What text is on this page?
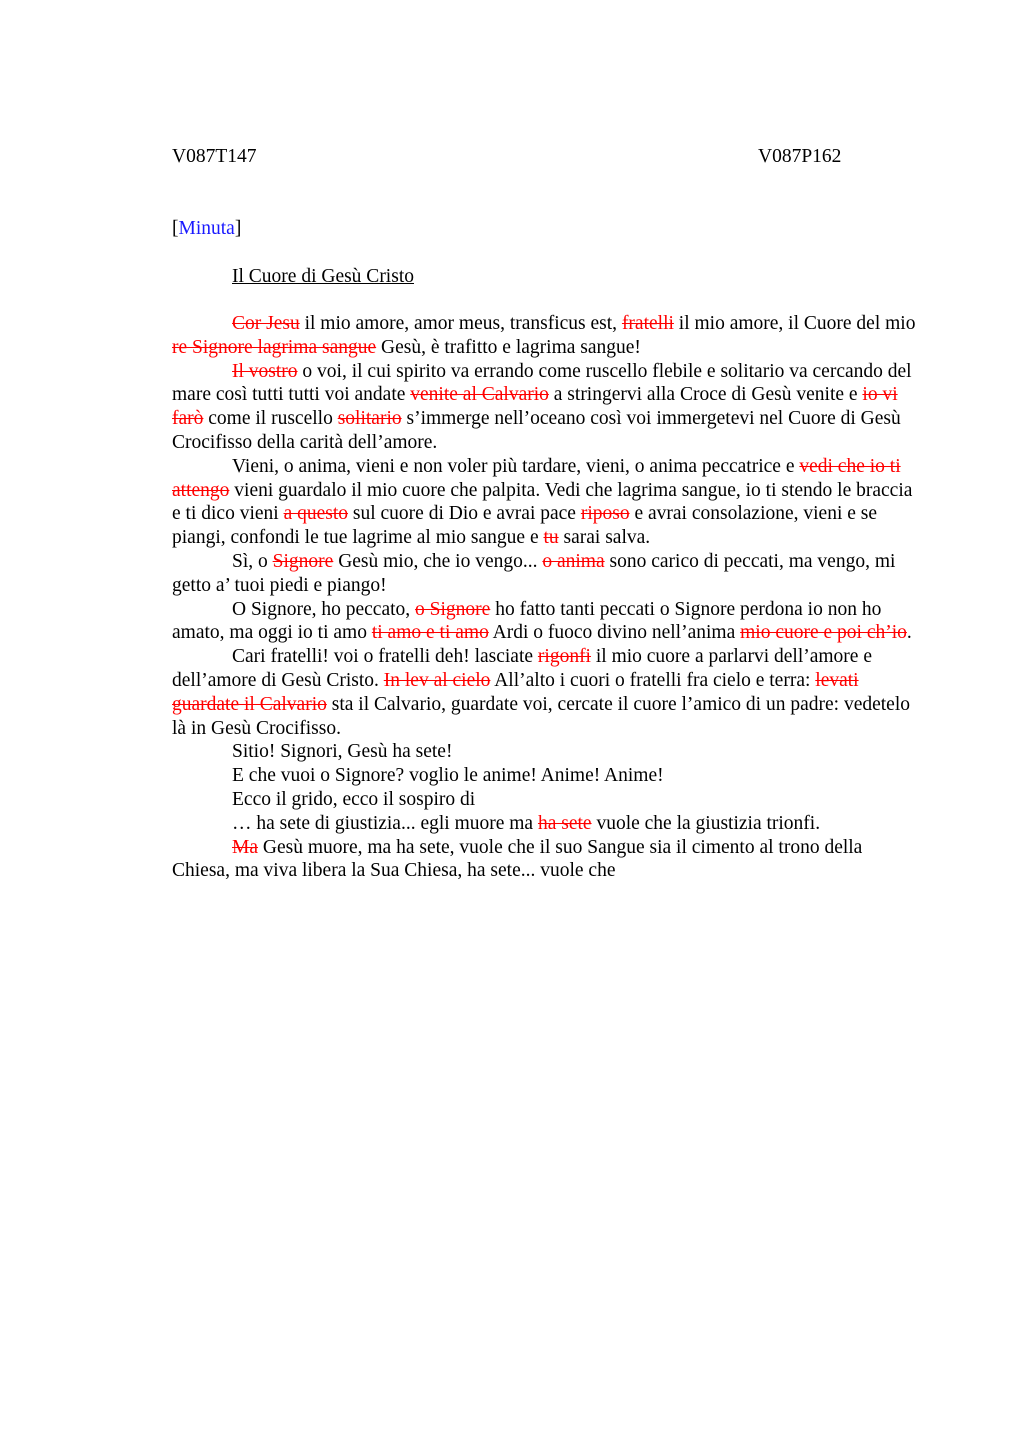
V087T147	V087P162
[Minuta]
Il Cuore di Gesù Cristo

Cor Jesu il mio amore, amor meus, transficus est, fratelli il mio amore, il Cuore del mio re Signore lagrima sangue Gesù, è trafitto e lagrima sangue!

Il vostro o voi, il cui spirito va errando come ruscello flebile e solitario va cercando del mare così tutti tutti voi andate venite al Calvario a stringervi alla Croce di Gesù venite e io vi farò come il ruscello solitario s’immerge nell’oceano così voi immergetevi nel Cuore di Gesù Crocifisso della carità dell’amore.

Vieni, o anima, vieni e non voler più tardare, vieni, o anima peccatrice e vedi che io ti attengo vieni guardalo il mio cuore che palpita. Vedi che lagrima sangue, io ti stendo le braccia e ti dico vieni a questo sul cuore di Dio e avrai pace riposo e avrai consolazione, vieni e se piangi, confondi le tue lagrime al mio sangue e tu sarai salva.

Sì, o Signore Gesù mio, che io vengo... o anima sono carico di peccati, ma vengo, mi getto a’ tuoi piedi e piango!

O Signore, ho peccato, o Signore ho fatto tanti peccati o Signore perdona io non ho amato, ma oggi io ti amo ti amo e ti amo Ardi o fuoco divino nell’anima mio cuore e poi ch’io.

Cari fratelli! voi o fratelli deh! lasciate rigonfi il mio cuore a parlarvi dell’amore e dell’amore di Gesù Cristo. In lev al cielo All’alto i cuori o fratelli fra cielo e terra: levati guardate il Calvario sta il Calvario, guardate voi, cercate il cuore l’amico di un padre: vedetelo là in Gesù Crocifisso.

Sitio! Signori, Gesù ha sete!

E che vuoi o Signore? voglio le anime! Anime! Anime!

Ecco il grido, ecco il sospiro di

… ha sete di giustizia... egli muore ma ha sete vuole che la giustizia trionfi.

Ma Gesù muore, ma ha sete, vuole che il suo Sangue sia il cimento al trono della Chiesa, ma viva libera la Sua Chiesa, ha sete... vuole che
